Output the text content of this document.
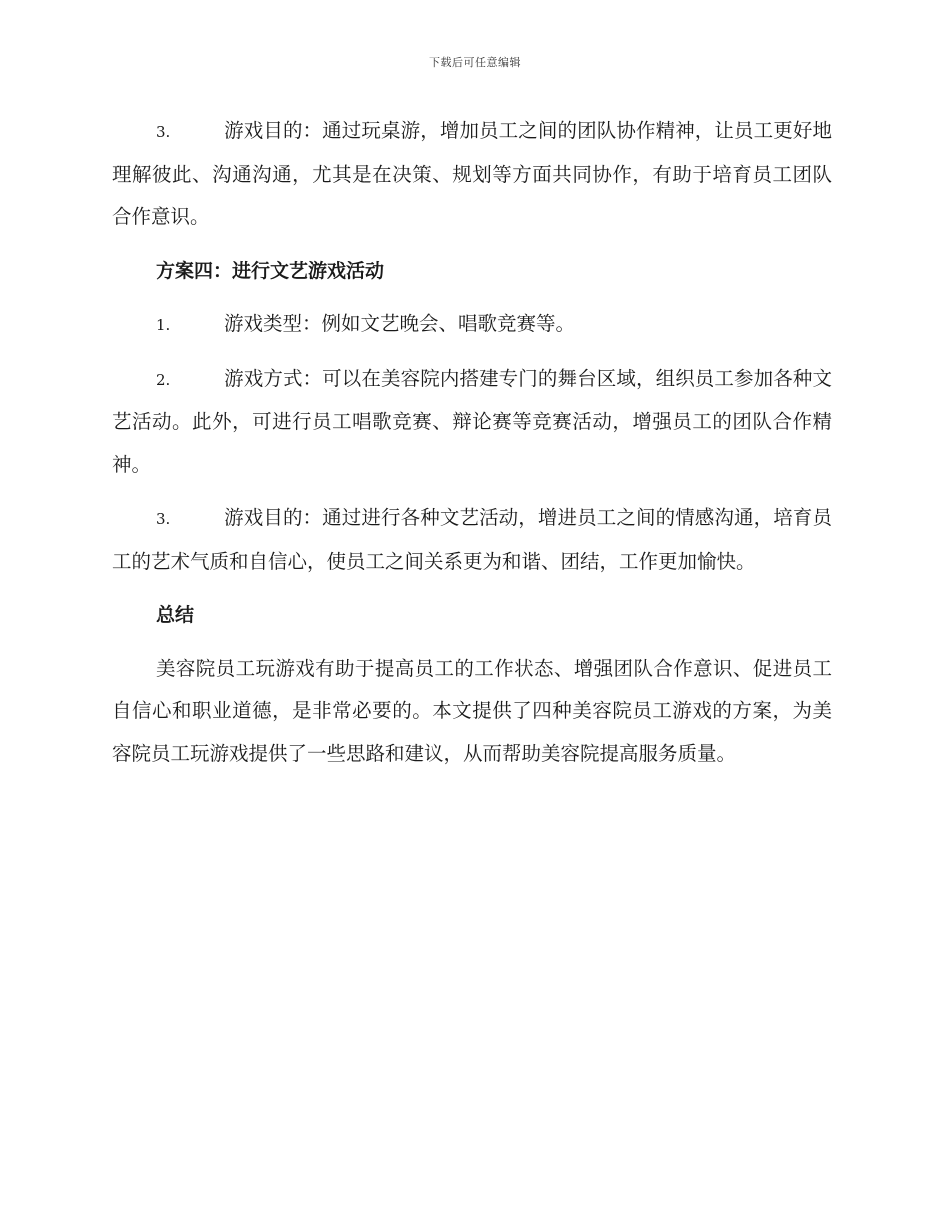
下载后可任意编辑

3.	游戏目的：通过玩桌游，增加员工之间的团队协作精神，让员工更好地理解彼此、沟通沟通，尤其是在决策、规划等方面共同协作，有助于培育员工团队合作意识。

方案四：进行文艺游戏活动

1.	游戏类型：例如文艺晚会、唱歌竞赛等。

2.	游戏方式：可以在美容院内搭建专门的舞台区域，组织员工参加各种文艺活动。此外，可进行员工唱歌竞赛、辩论赛等竞赛活动，增强员工的团队合作精神。

3.	游戏目的：通过进行各种文艺活动，增进员工之间的情感沟通，培育员工的艺术气质和自信心，使员工之间关系更为和谐、团结，工作更加愉快。

总结

美容院员工玩游戏有助于提高员工的工作状态、增强团队合作意识、促进员工自信心和职业道德，是非常必要的。本文提供了四种美容院员工游戏的方案，为美容院员工玩游戏提供了一些思路和建议，从而帮助美容院提高服务质量。
